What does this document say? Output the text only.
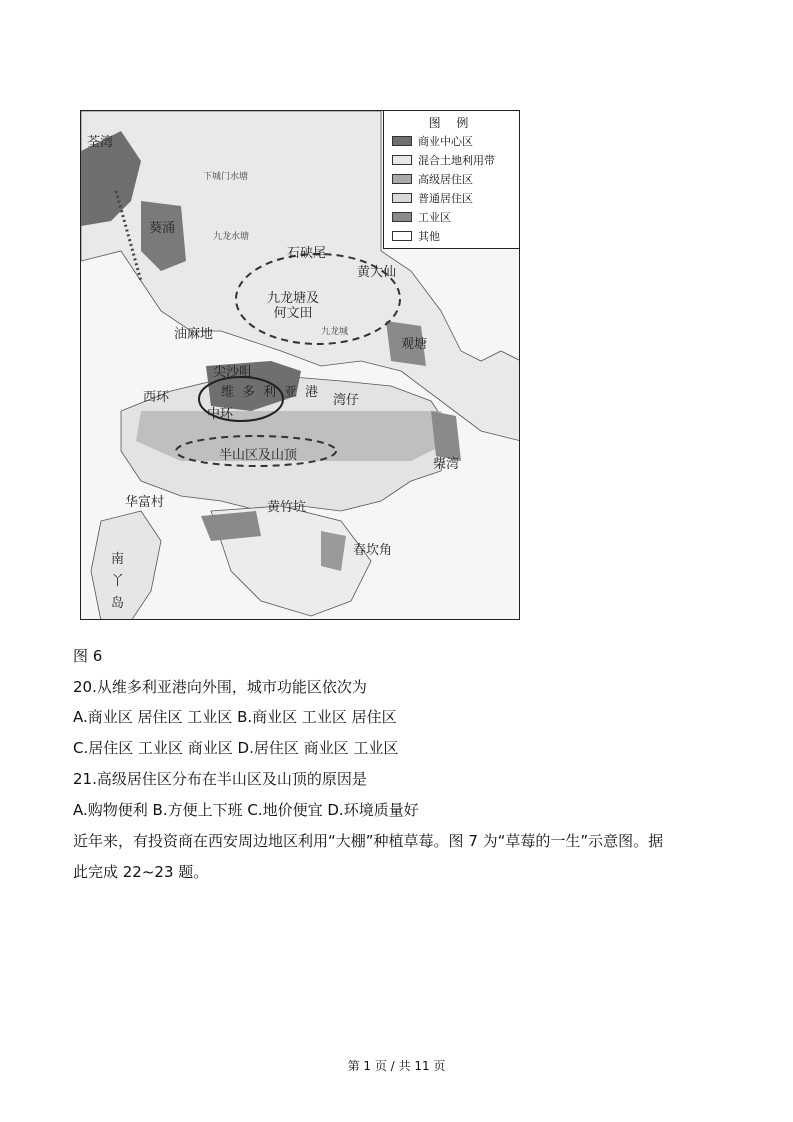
图 例
商业中心区
混合土地利用带
高级居住区
普通居住区
工业区
其他
荃湾
葵涌
下城门水塘
九龙水塘
石硖尾
黄大仙
九龙塘及何文田
九龙城
油麻地
观塘
尖沙咀
维多利亚港
西环
中环
湾仔
半山区及山顶
柴湾
华富村	黄竹坑
春坎角
南丫岛
图 6
20.从维多利亚港向外围，城市功能区依次为
A.商业区 居住区 工业区 B.商业区 工业区 居住区
C.居住区 工业区 商业区 D.居住区 商业区 工业区
21.高级居住区分布在半山区及山顶的原因是
A.购物便利 B.方便上下班 C.地价便宜 D.环境质量好
近年来，有投资商在西安周边地区利用“大棚”种植草莓。图 7 为“草莓的一生”示意图。据
此完成 22~23 题。
第 1 页 / 共 11 页
